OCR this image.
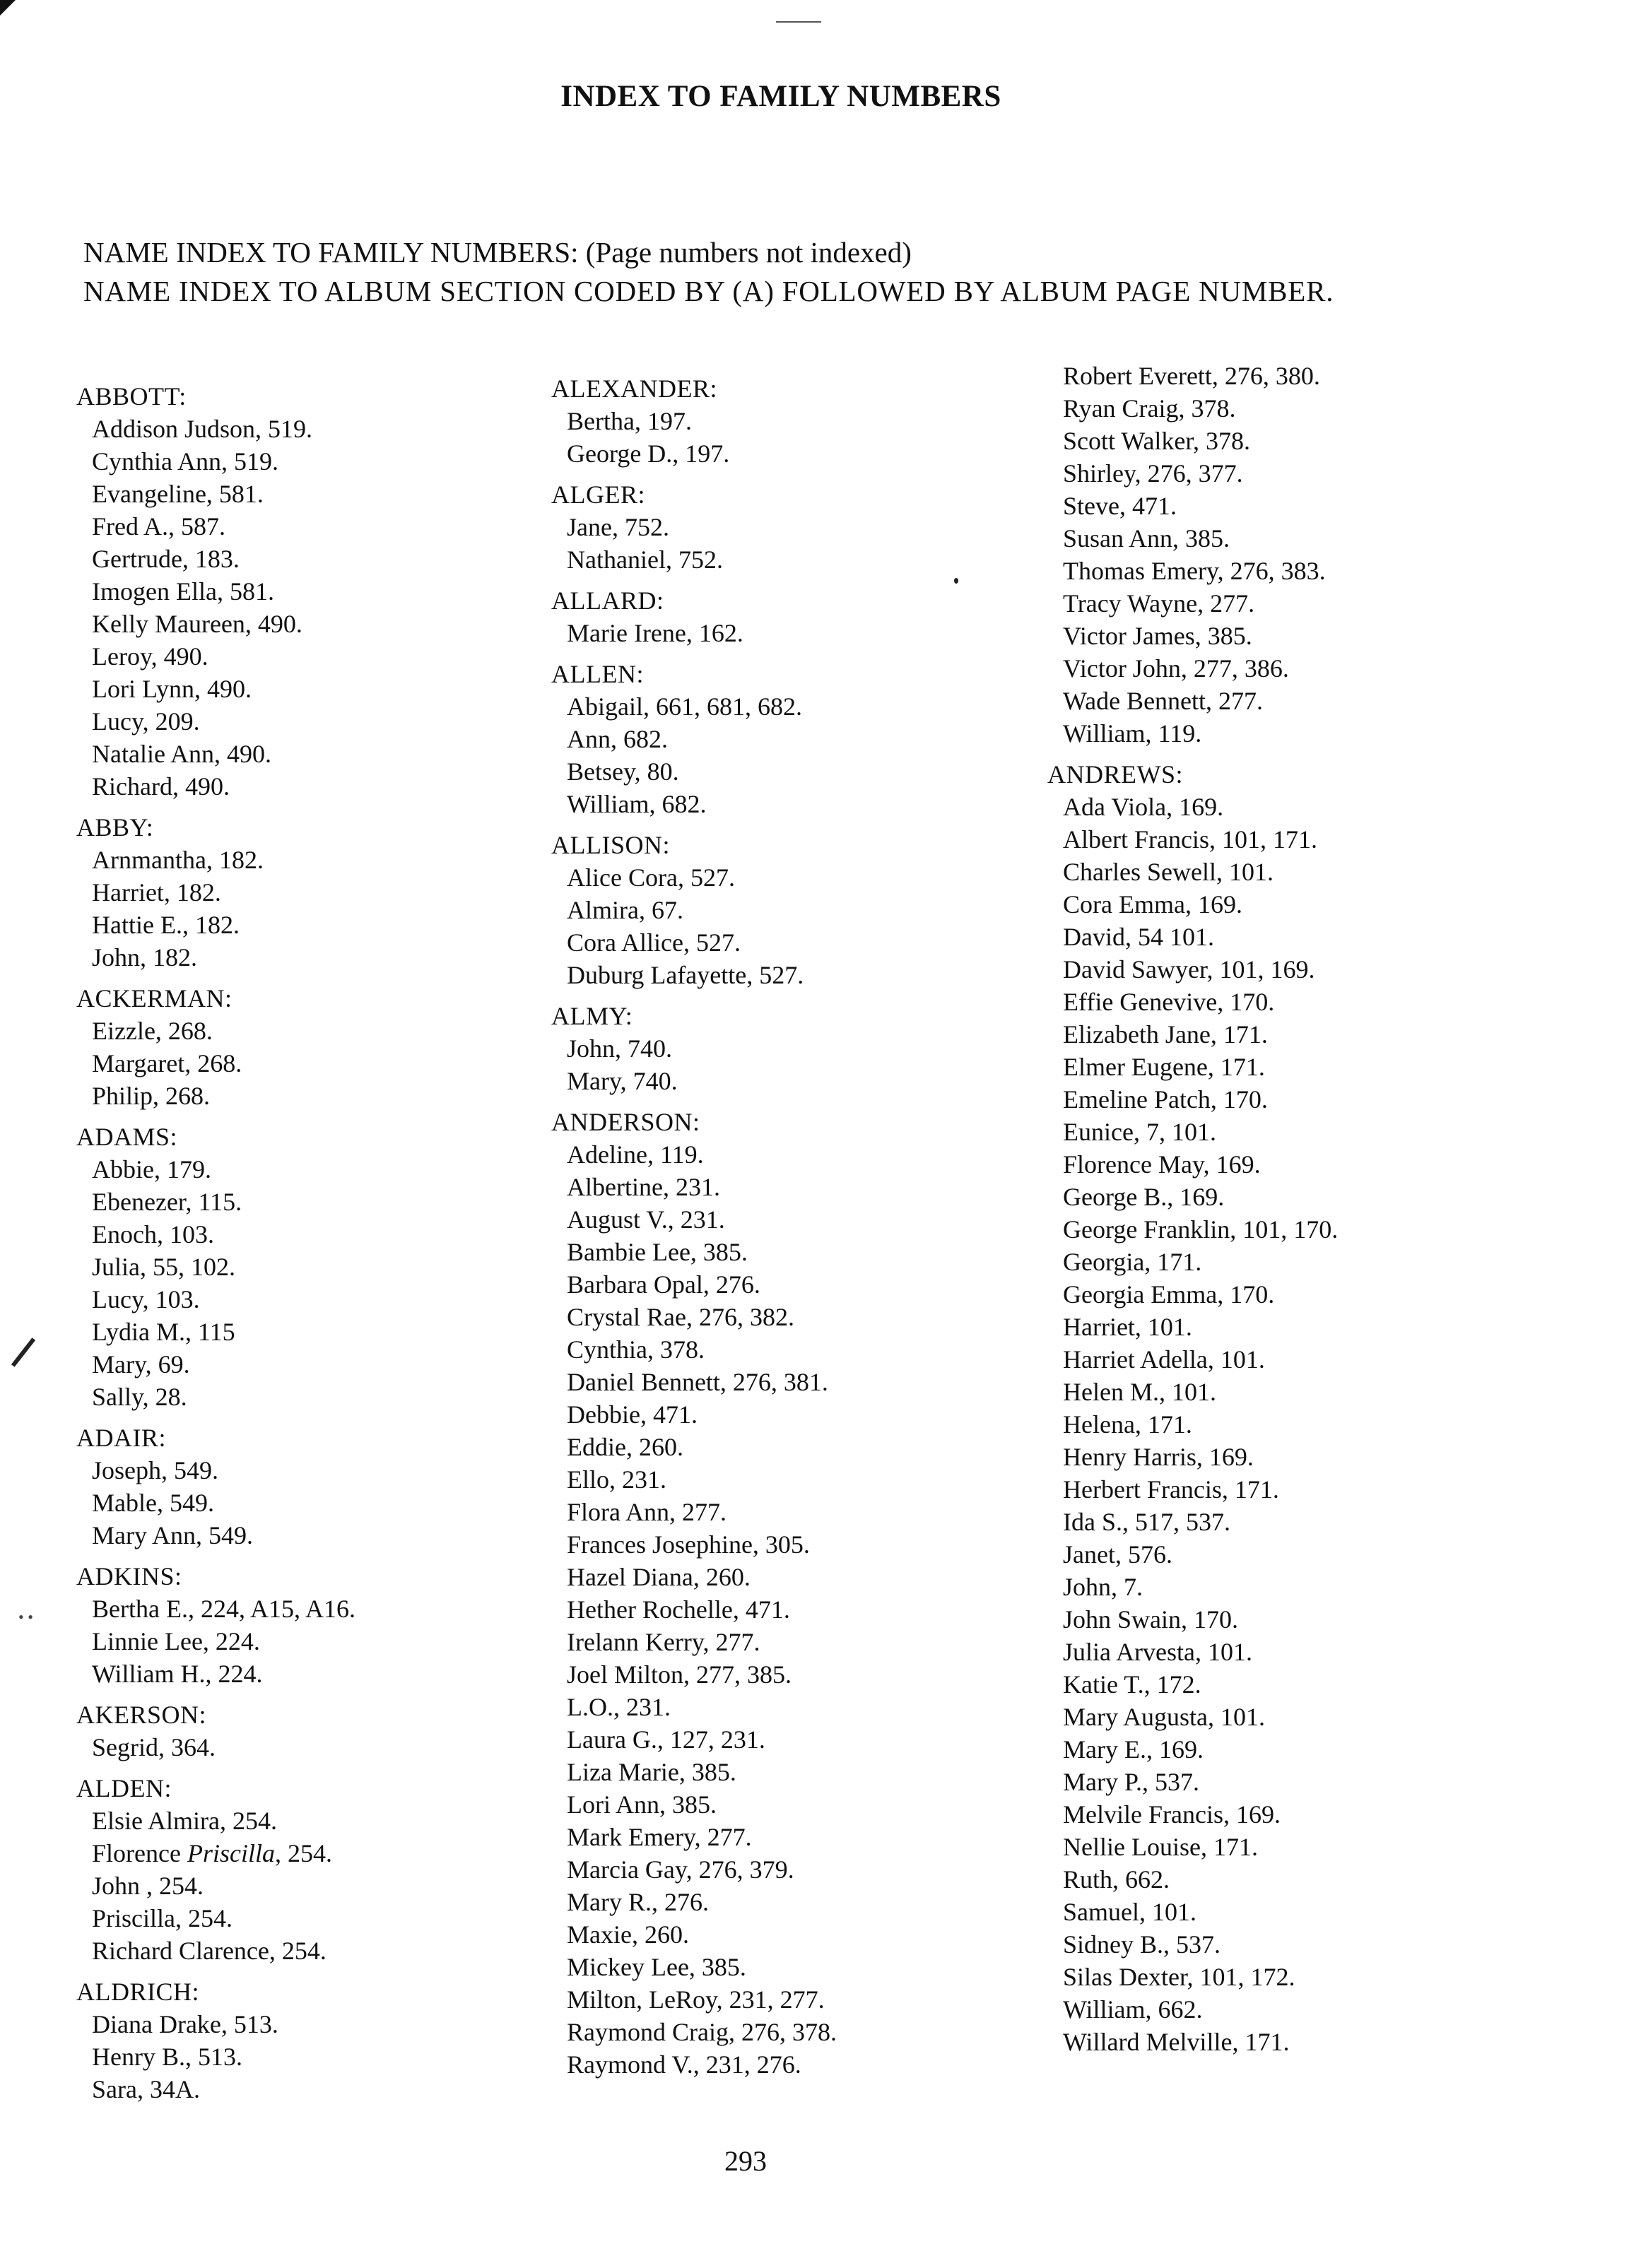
• •
INDEX TO FAMILY NUMBERS
NAME INDEX TO FAMILY NUMBERS: (Page numbers not indexed)
NAME INDEX TO ALBUM SECTION CODED BY (A) FOLLOWED BY ALBUM PAGE NUMBER.
ABBOTT:
Addison Judson, 519.
Cynthia Ann, 519.
Evangeline, 581.
Fred A., 587.
Gertrude, 183.
Imogen Ella, 581.
Kelly Maureen, 490.
Leroy, 490.
Lori Lynn, 490.
Lucy, 209.
Natalie Ann, 490.
Richard, 490.
ABBY:
Arnmantha, 182.
Harriet, 182.
Hattie E., 182.
John, 182.
ACKERMAN:
Eizzle, 268.
Margaret, 268.
Philip, 268.
ADAMS:
Abbie, 179.
Ebenezer, 115.
Enoch, 103.
Julia, 55, 102.
Lucy, 103.
Lydia M., 115
Mary, 69.
Sally, 28.
ADAIR:
Joseph, 549.
Mable, 549.
Mary Ann, 549.
ADKINS:
Bertha E., 224, A15, A16.
Linnie Lee, 224.
William H., 224.
AKERSON:
Segrid, 364.
ALDEN:
Elsie Almira, 254.
Florence Priscilla, 254.
John , 254.
Priscilla, 254.
Richard Clarence, 254.
ALDRICH:
Diana Drake, 513.
Henry B., 513.
Sara, 34A.
ALEXANDER:
Bertha, 197.
George D., 197.
ALGER:
Jane, 752.
Nathaniel, 752.
ALLARD:
Marie Irene, 162.
ALLEN:
Abigail, 661, 681, 682.
Ann, 682.
Betsey, 80.
William, 682.
ALLISON:
Alice Cora, 527.
Almira, 67.
Cora Allice, 527.
Duburg Lafayette, 527.
ALMY:
John, 740.
Mary, 740.
ANDERSON:
Adeline, 119.
Albertine, 231.
August V., 231.
Bambie Lee, 385.
Barbara Opal, 276.
Crystal Rae, 276, 382.
Cynthia, 378.
Daniel Bennett, 276, 381.
Debbie, 471.
Eddie, 260.
Ello, 231.
Flora Ann, 277.
Frances Josephine, 305.
Hazel Diana, 260.
Hether Rochelle, 471.
Irelann Kerry, 277.
Joel Milton, 277, 385.
L.O., 231.
Laura G., 127, 231.
Liza Marie, 385.
Lori Ann, 385.
Mark Emery, 277.
Marcia Gay, 276, 379.
Mary R., 276.
Maxie, 260.
Mickey Lee, 385.
Milton, LeRoy, 231, 277.
Raymond Craig, 276, 378.
Raymond V., 231, 276.
Robert Everett, 276, 380.
Ryan Craig, 378.
Scott Walker, 378.
Shirley, 276, 377.
Steve, 471.
Susan Ann, 385.
Thomas Emery, 276, 383.
Tracy Wayne, 277.
Victor James, 385.
Victor John, 277, 386.
Wade Bennett, 277.
William, 119.
ANDREWS:
Ada Viola, 169.
Albert Francis, 101, 171.
Charles Sewell, 101.
Cora Emma, 169.
David, 54 101.
David Sawyer, 101, 169.
Effie Genevive, 170.
Elizabeth Jane, 171.
Elmer Eugene, 171.
Emeline Patch, 170.
Eunice, 7, 101.
Florence May, 169.
George B., 169.
George Franklin, 101, 170.
Georgia, 171.
Georgia Emma, 170.
Harriet, 101.
Harriet Adella, 101.
Helen M., 101.
Helena, 171.
Henry Harris, 169.
Herbert Francis, 171.
Ida S., 517, 537.
Janet, 576.
John, 7.
John Swain, 170.
Julia Arvesta, 101.
Katie T., 172.
Mary Augusta, 101.
Mary E., 169.
Mary P., 537.
Melvile Francis, 169.
Nellie Louise, 171.
Ruth, 662.
Samuel, 101.
Sidney B., 537.
Silas Dexter, 101, 172.
William, 662.
Willard Melville, 171.
293
